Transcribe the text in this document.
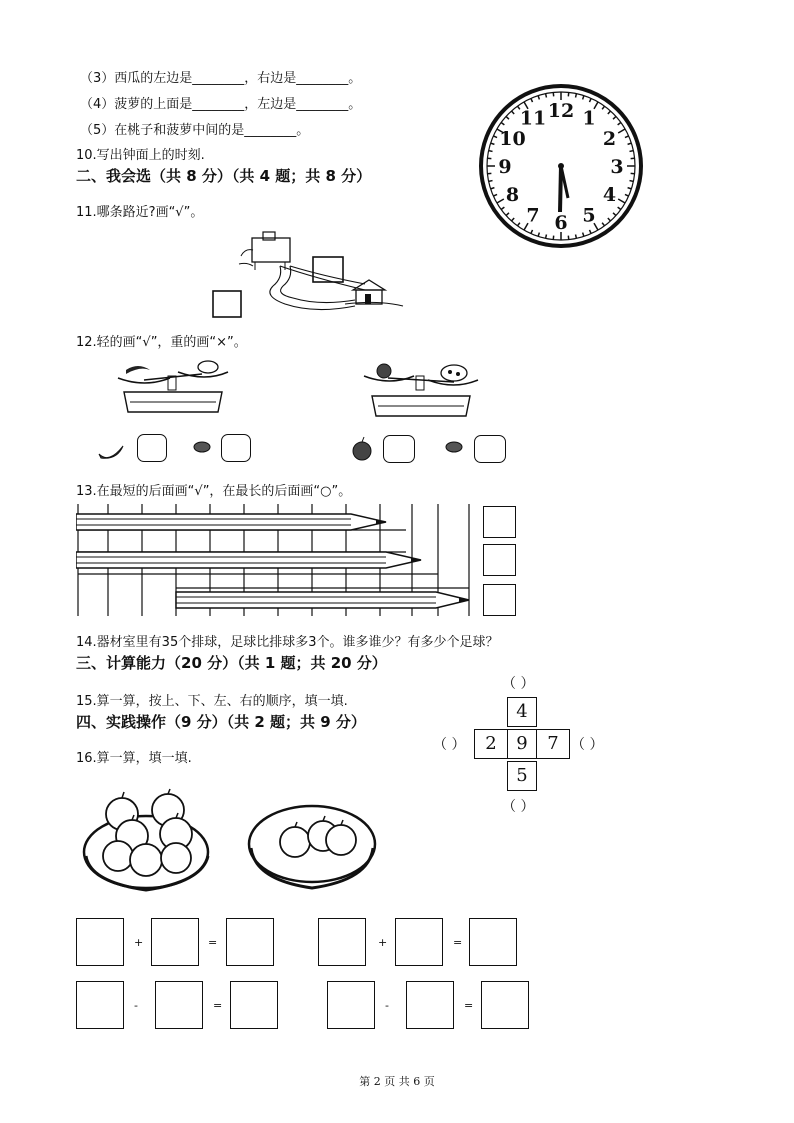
（3）西瓜的左边是________，右边是________。
（4）菠萝的上面是________，左边是________。
（5）在桃子和菠萝中间的是________。
10.写出钟面上的时刻.
二、我会选（共 8 分）（共 4 题；共 8 分）
11.哪条路近?画“√”。
12 1
2
3
4
5
6
7
8
9
10
11
12.轻的画“√”，重的画“×”。
13.在最短的后面画“√”，在最长的后面画“○”。
14.器材室里有35个排球，足球比排球多3个。谁多谁少？有多少个足球？
三、计算能力（20 分）（共 1 题；共 20 分）
15.算一算，按上、下、左、右的顺序，填一填.
四、实践操作（9 分）（共 2 题；共 9 分）
16.算一算，填一填.
（ ）
4
（ ）	2	9	7 （ ）
5
（ ）
+	=	+	=
-	=	-	=
第 2 页 共 6 页
